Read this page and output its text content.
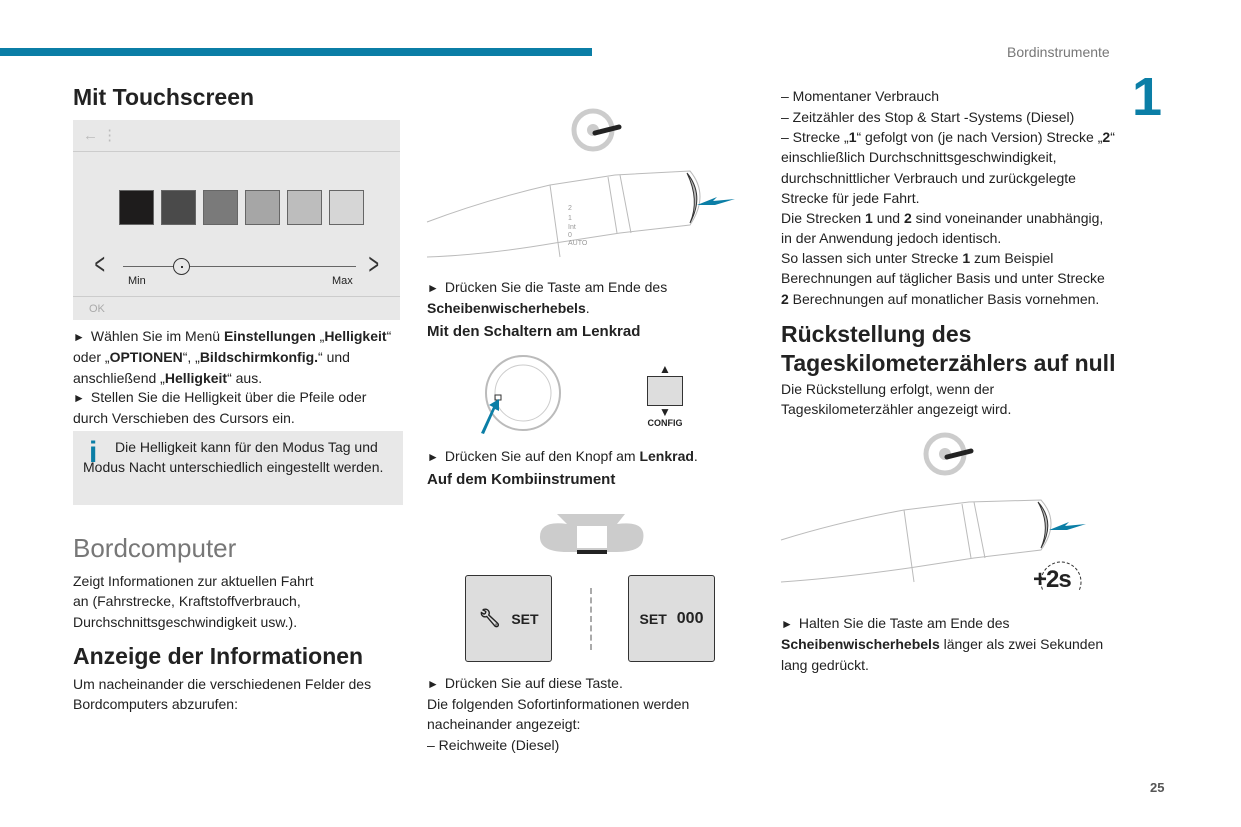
Bordinstrumente
1
25
Mit Touchscreen
← ⋮
<	>
Min	Max
OK
► Wählen Sie im Menü Einstellungen „Helligkeit“ oder „OPTIONEN“, „Bildschirmkonfig.“ und anschließend „Helligkeit“ aus.
► Stellen Sie die Helligkeit über die Pfeile oder durch Verschieben des Cursors ein.
i	Die Helligkeit kann für den Modus Tag und Modus Nacht unterschiedlich eingestellt werden.
Bordcomputer
Zeigt Informationen zur aktuellen Fahrt an (Fahrstrecke, Kraftstoffverbrauch, Durchschnittsgeschwindigkeit usw.).
Anzeige der Informationen
Um nacheinander die verschiedenen Felder des Bordcomputers abzurufen:
2
1
Int
0
AUTO
► Drücken Sie die Taste am Ende des Scheibenwischerhebels.
Mit den Schaltern am Lenkrad
▲
▼
CONFIG
► Drücken Sie auf den Knopf am Lenkrad.
Auf dem Kombiinstrument
🔧︎ SET	SET 000
► Drücken Sie auf diese Taste.
Die folgenden Sofortinformationen werden nacheinander angezeigt:
– Reichweite (Diesel)
– Momentaner Verbrauch
– Zeitzähler des Stop & Start -Systems (Diesel)
– Strecke „1“ gefolgt von (je nach Version) Strecke „2“ einschließlich Durchschnittsgeschwindigkeit, durchschnittlicher Verbrauch und zurückgelegte Strecke für jede Fahrt.
Die Strecken 1 und 2 sind voneinander unabhängig, in der Anwendung jedoch identisch.
So lassen sich unter Strecke 1 zum Beispiel Berechnungen auf täglicher Basis und unter Strecke 2 Berechnungen auf monatlicher Basis vornehmen.
Rückstellung des Tageskilometerzählers auf null
Die Rückstellung erfolgt, wenn der Tageskilometerzähler angezeigt wird.
+2s
► Halten Sie die Taste am Ende des Scheibenwischerhebels länger als zwei Sekunden lang gedrückt.
